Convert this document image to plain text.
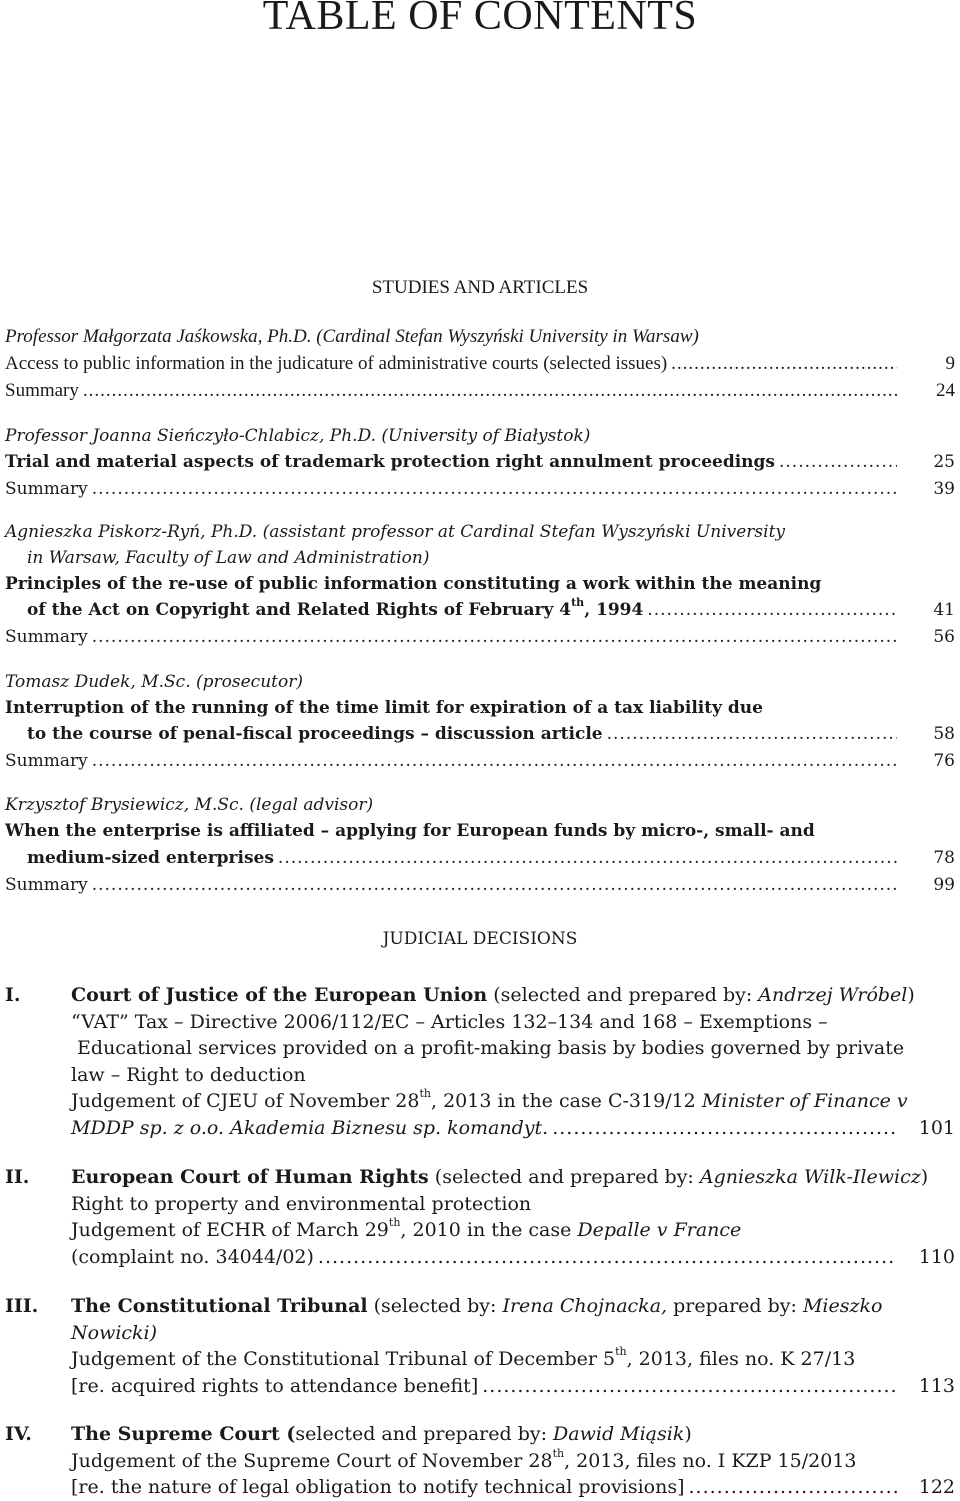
TABLE OF CONTENTS
STUDIES AND ARTICLES
Professor Małgorzata Jaśkowska, Ph.D. (Cardinal Stefan Wyszyński University in Warsaw)
Access to public information in the judicature of administrative courts (selected issues) .....	9
Summary .....	24
Professor Joanna Sieńczyło-Chlabicz, Ph.D. (University of Białystok)
Trial and material aspects of trademark protection right annulment proceedings .....	25
Summary .....	39
Agnieszka Piskorz-Ryń, Ph.D. (assistant professor at Cardinal Stefan Wyszyński University
in Warsaw, Faculty of Law and Administration)
Principles of the re-use of public information constituting a work within the meaning
of the Act on Copyright and Related Rights of February 4th, 1994 .....	41
Summary .....	56
Tomasz Dudek, M.Sc. (prosecutor)
Interruption of the running of the time limit for expiration of a tax liability due
to the course of penal-fiscal proceedings – discussion article .....	58
Summary .....	76
Krzysztof Brysiewicz, M.Sc. (legal advisor)
When the enterprise is affiliated – applying for European funds by micro-, small- and
medium-sized enterprises .....	78
Summary .....	99
JUDICIAL DECISIONS
I.	Court of Justice of the European Union (selected and prepared by: Andrzej Wróbel)
“VAT” Tax – Directive 2006/112/EC – Articles 132–134 and 168 – Exemptions –
Educational services provided on a profit-making basis by bodies governed by private
law – Right to deduction
Judgement of CJEU of November 28th, 2013 in the case C-319/12 Minister of Finance v
MDDP sp. z o.o. Akademia Biznesu sp. komandyt. .....	101
II. European Court of Human Rights (selected and prepared by: Agnieszka Wilk-Ilewicz)
Right to property and environmental protection
Judgement of ECHR of March 29th, 2010 in the case Depalle v France
(complaint no. 34044/02) .....	110
III. The Constitutional Tribunal (selected by: Irena Chojnacka, prepared by: Mieszko
Nowicki)
Judgement of the Constitutional Tribunal of December 5th, 2013, files no. K 27/13
[re. acquired rights to attendance benefit] .....	113
IV. The Supreme Court (selected and prepared by: Dawid Miąsik)
Judgement of the Supreme Court of November 28th, 2013, files no. I KZP 15/2013
[re. the nature of legal obligation to notify technical provisions] .....	122
